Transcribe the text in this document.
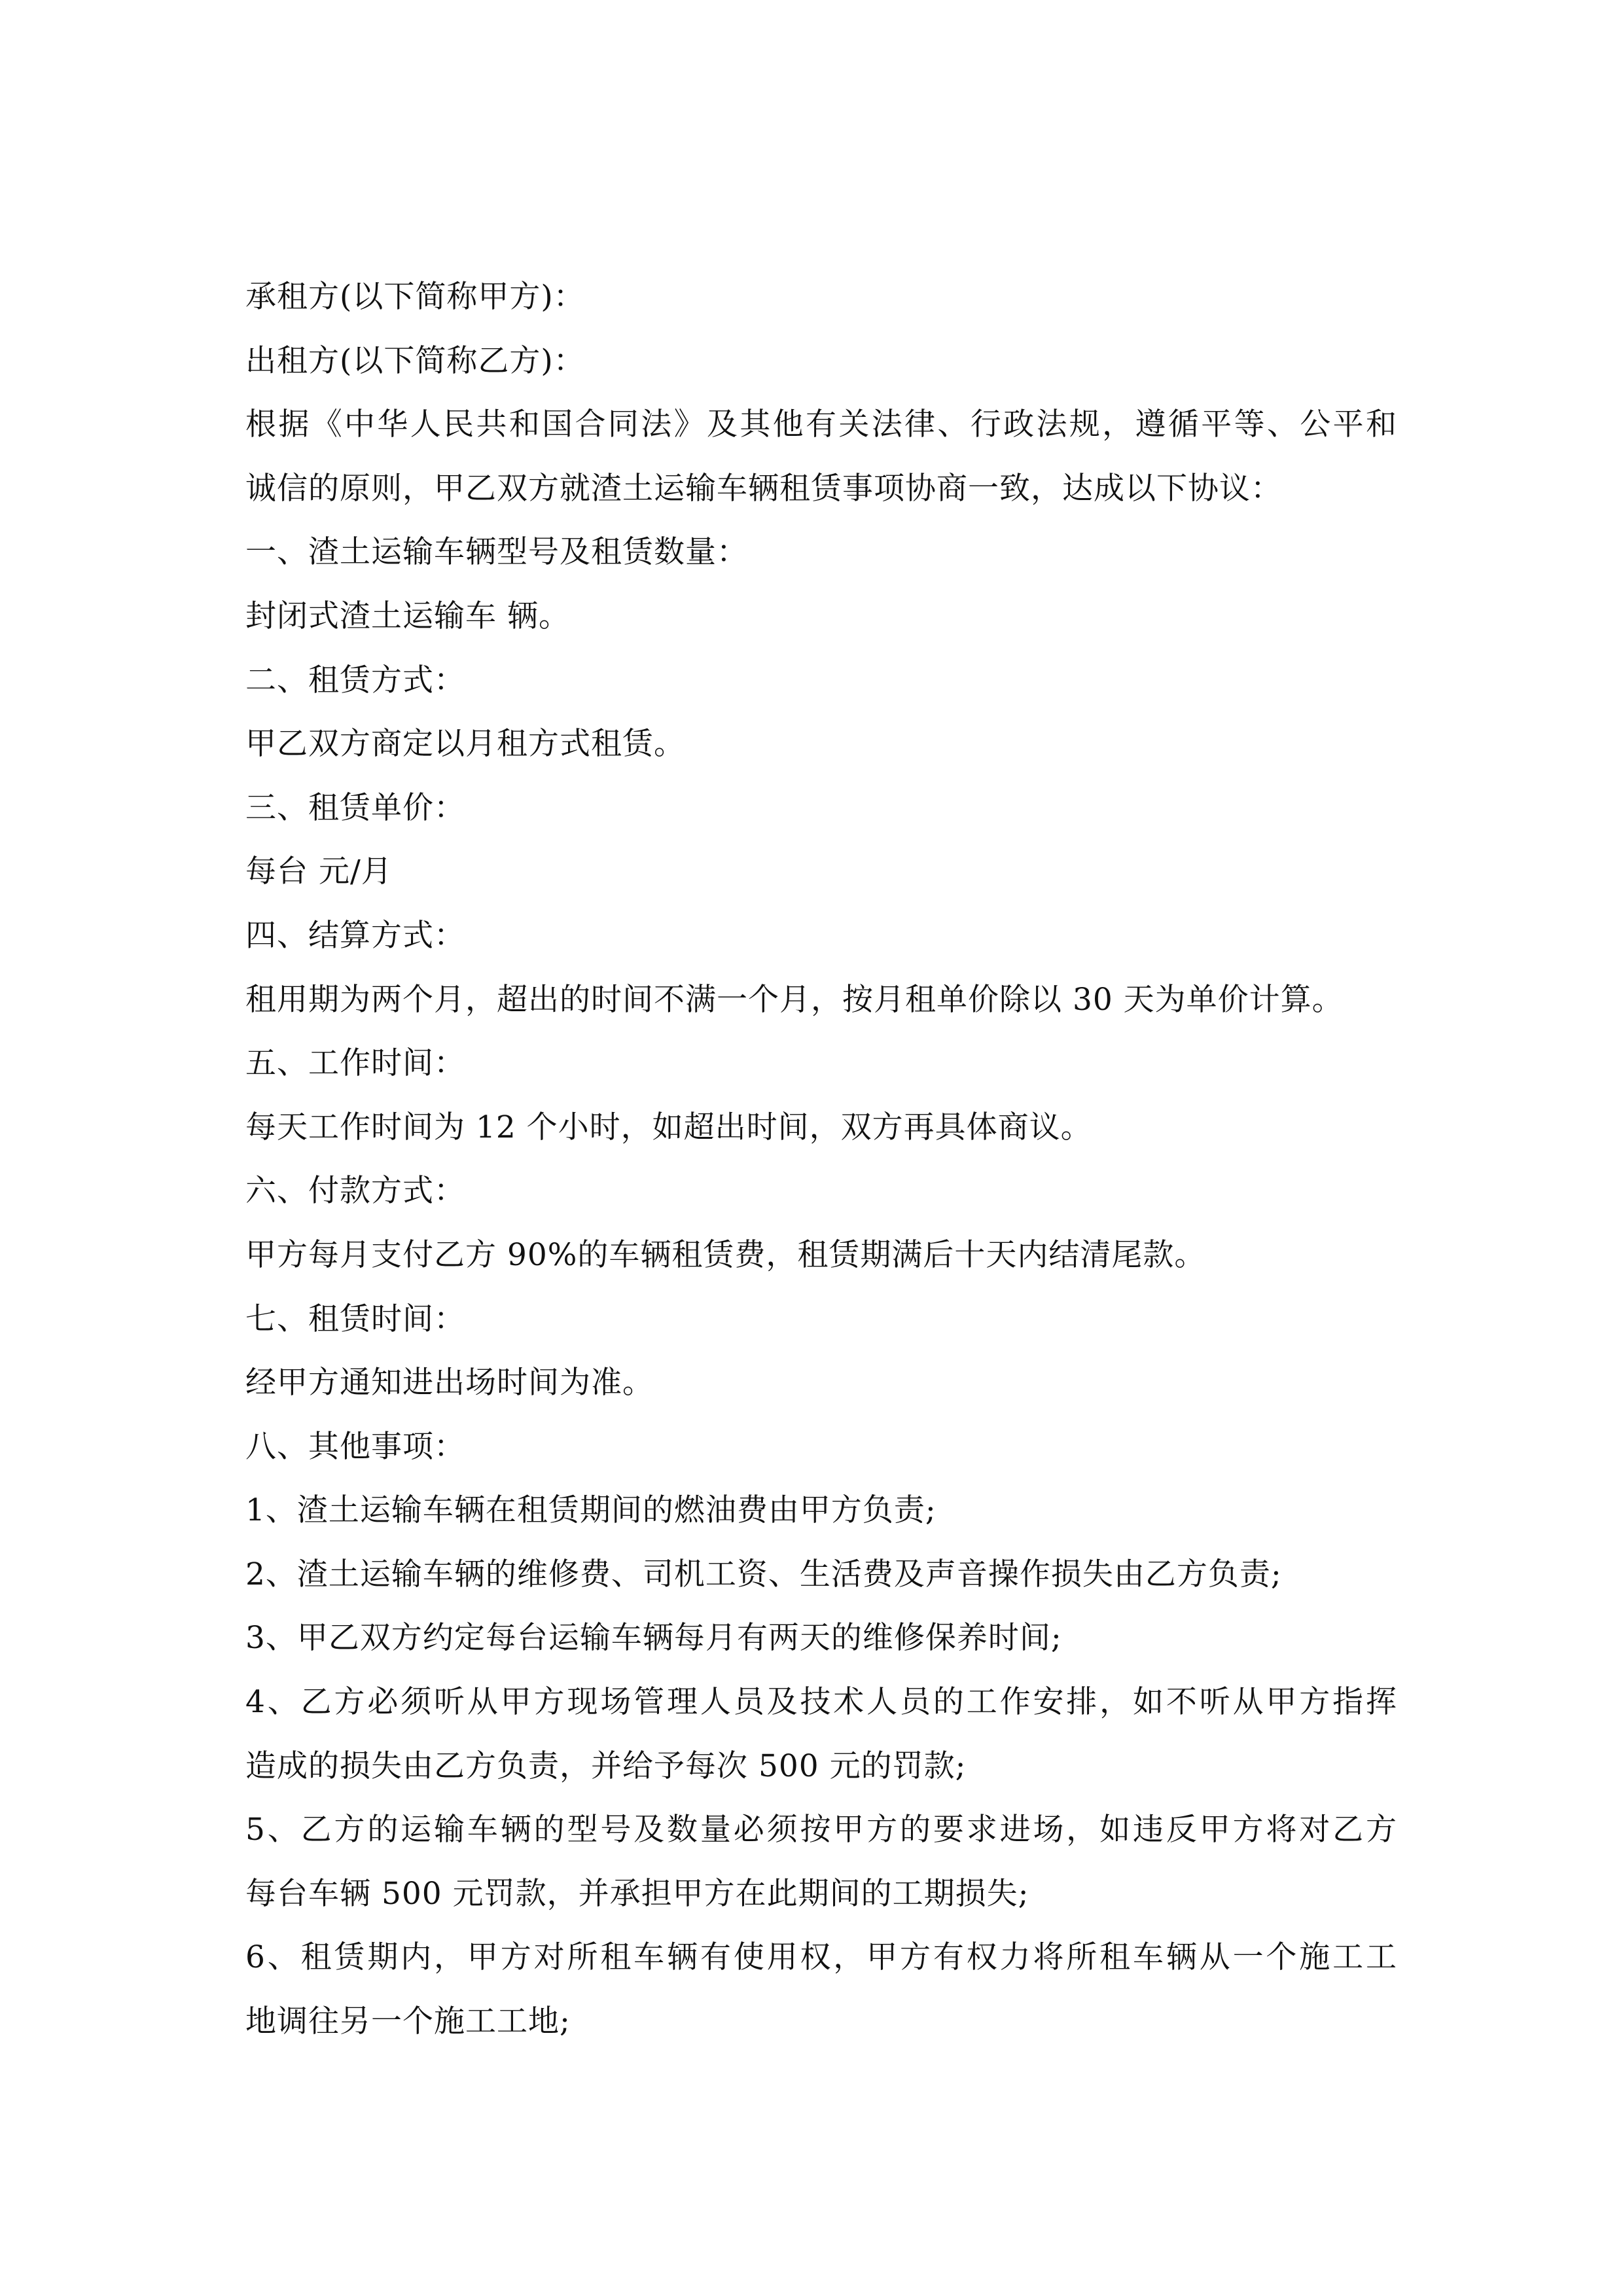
承租方(以下简称甲方)：
出租方(以下简称乙方)：
根据《中华人民共和国合同法》及其他有关法律、行政法规，遵循平等、公平和
诚信的原则，甲乙双方就渣土运输车辆租赁事项协商一致，达成以下协议：
一、渣土运输车辆型号及租赁数量：
封闭式渣土运输车 辆。
二、租赁方式：
甲乙双方商定以月租方式租赁。
三、租赁单价：
每台 元/月
四、结算方式：
租用期为两个月，超出的时间不满一个月，按月租单价除以 30 天为单价计算。
五、工作时间：
每天工作时间为 12 个小时，如超出时间，双方再具体商议。
六、付款方式：
甲方每月支付乙方 90%的车辆租赁费，租赁期满后十天内结清尾款。
七、租赁时间：
经甲方通知进出场时间为准。
八、其他事项：
1、渣土运输车辆在租赁期间的燃油费由甲方负责;
2、渣土运输车辆的维修费、司机工资、生活费及声音操作损失由乙方负责;
3、甲乙双方约定每台运输车辆每月有两天的维修保养时间;
4、乙方必须听从甲方现场管理人员及技术人员的工作安排，如不听从甲方指挥
造成的损失由乙方负责，并给予每次 500 元的罚款;
5、乙方的运输车辆的型号及数量必须按甲方的要求进场，如违反甲方将对乙方
每台车辆 500 元罚款，并承担甲方在此期间的工期损失;
6、租赁期内，甲方对所租车辆有使用权，甲方有权力将所租车辆从一个施工工
地调往另一个施工工地;
